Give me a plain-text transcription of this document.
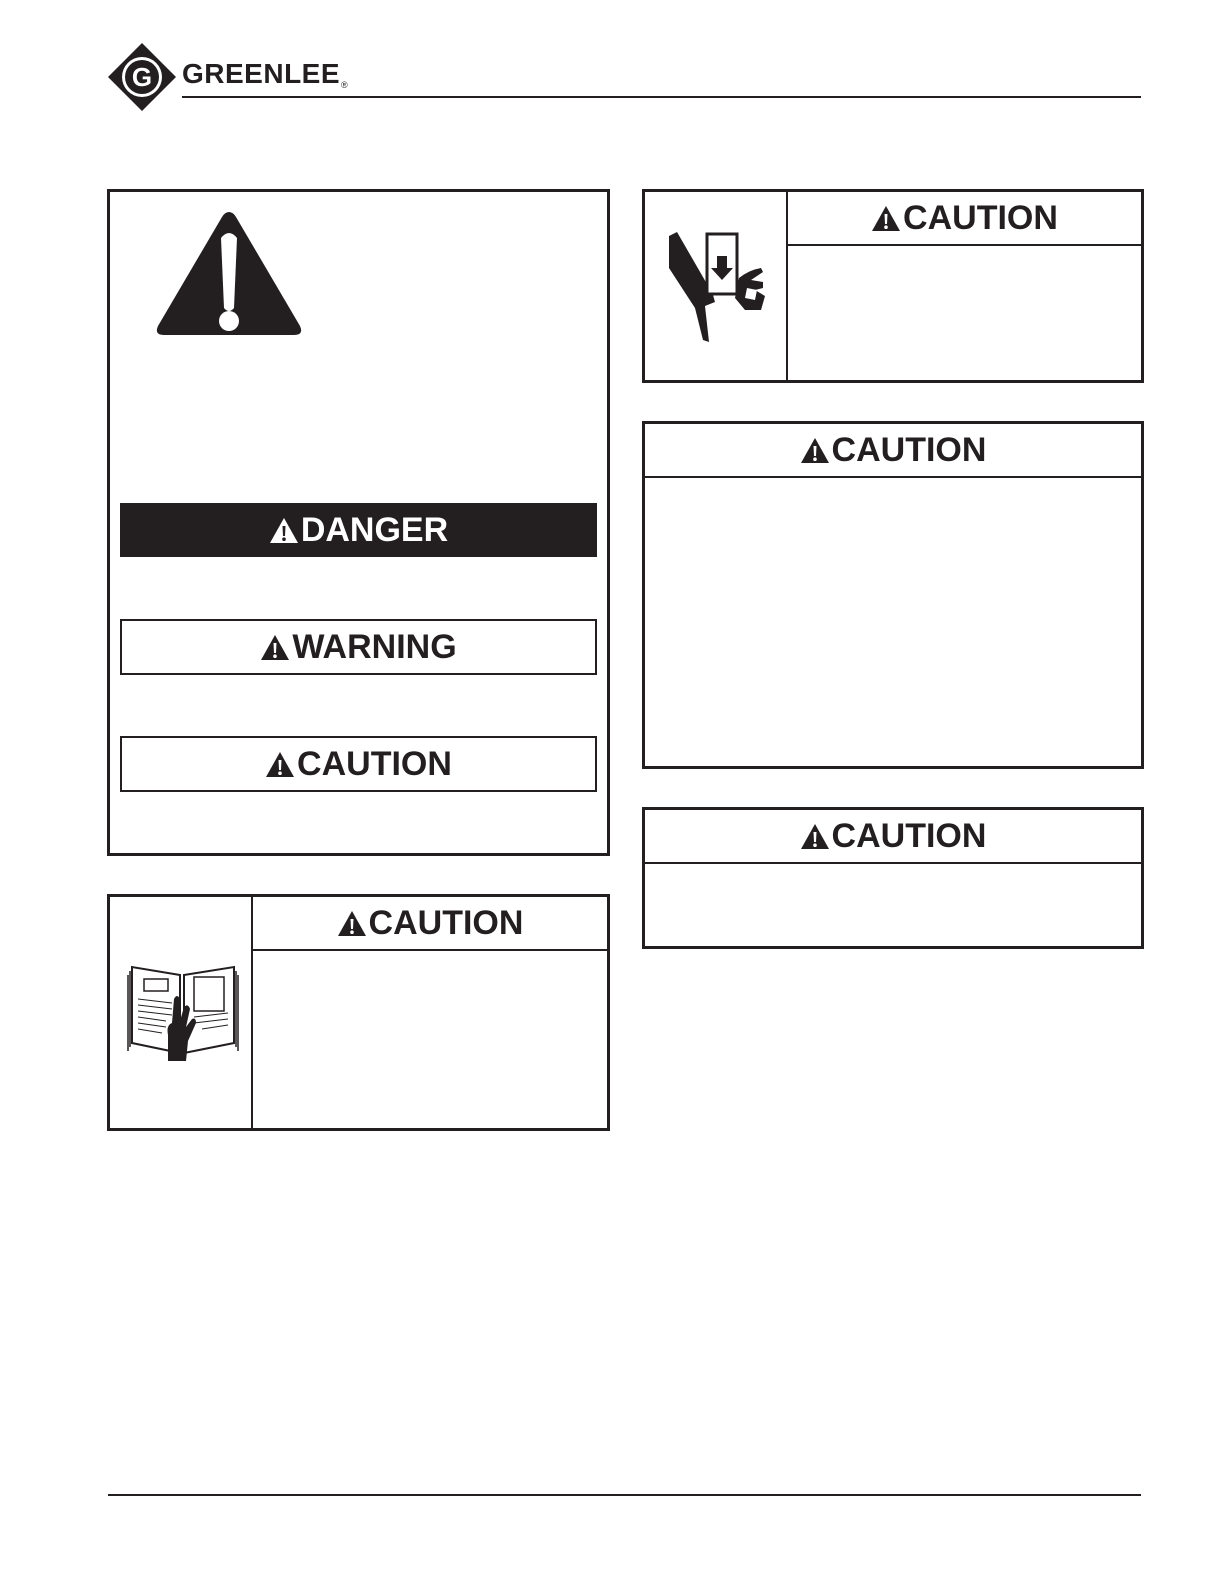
G GREENLEE®
DANGER
WARNING
CAUTION
CAUTION
CAUTION
CAUTION
CAUTION
